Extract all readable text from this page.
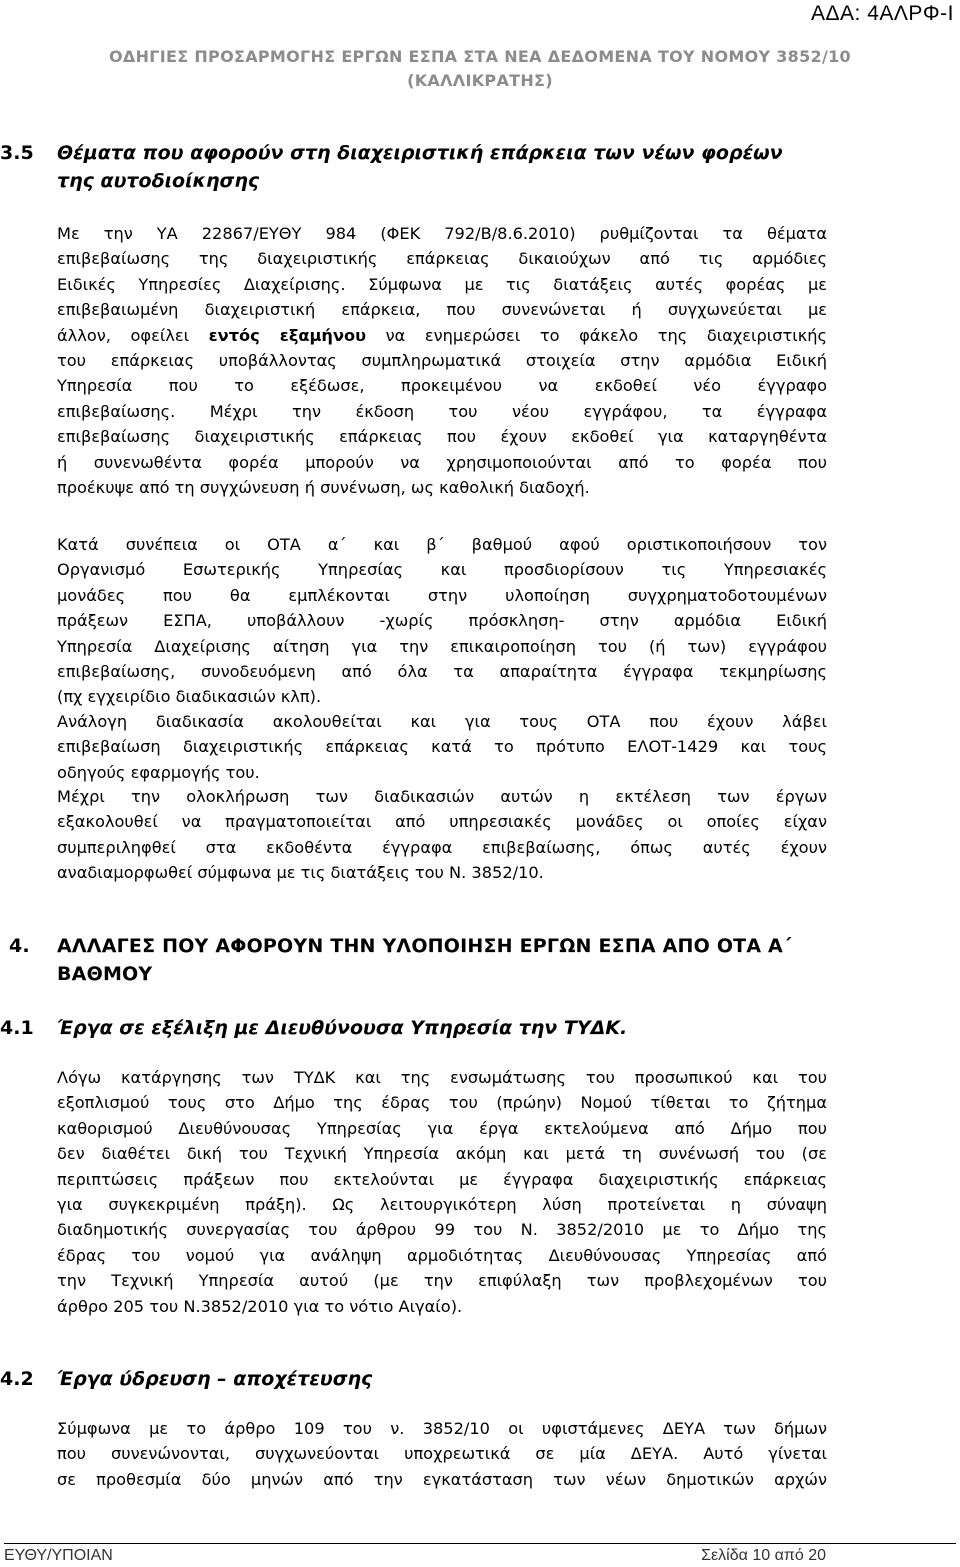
ΑΔΑ: 4ΑΛΡΦ-Ι
ΟΔΗΓΙΕΣ ΠΡΟΣΑΡΜΟΓΗΣ ΕΡΓΩΝ ΕΣΠΑ ΣΤΑ ΝΕΑ ΔΕΔΟΜΕΝΑ ΤΟΥ ΝΟΜΟΥ 3852/10
(ΚΑΛΛΙΚΡΑΤΗΣ)
3.5 Θέματα που αφορούν στη διαχειριστική επάρκεια των νέων φορέων
της αυτοδιοίκησης
Με την ΥΑ 22867/ΕΥΘΥ 984 (ΦΕΚ 792/Β/8.6.2010) ρυθμίζονται τα θέματα
επιβεβαίωσης της διαχειριστικής επάρκειας δικαιούχων από τις αρμόδιες
Ειδικές Υπηρεσίες Διαχείρισης. Σύμφωνα με τις διατάξεις αυτές φορέας με
επιβεβαιωμένη διαχειριστική επάρκεια, που συνενώνεται ή συγχωνεύεται με
άλλον, οφείλει εντός εξαμήνου να ενημερώσει το φάκελο της διαχειριστικής
του επάρκειας υποβάλλοντας συμπληρωματικά στοιχεία στην αρμόδια Ειδική
Υπηρεσία που το εξέδωσε, προκειμένου να εκδοθεί νέο έγγραφο
επιβεβαίωσης. Μέχρι την έκδοση του νέου εγγράφου, τα έγγραφα
επιβεβαίωσης διαχειριστικής επάρκειας που έχουν εκδοθεί για καταργηθέντα
ή συνενωθέντα φορέα μπορούν να χρησιμοποιούνται από το φορέα που
προέκυψε από τη συγχώνευση ή συνένωση, ως καθολική διαδοχή.
Κατά συνέπεια οι ΟΤΑ α΄ και β΄ βαθμού αφού οριστικοποιήσουν τον
Οργανισμό Εσωτερικής Υπηρεσίας και προσδιορίσουν τις Υπηρεσιακές
μονάδες που θα εμπλέκονται στην υλοποίηση συγχρηματοδοτουμένων
πράξεων ΕΣΠΑ, υποβάλλουν -χωρίς πρόσκληση- στην αρμόδια Ειδική
Υπηρεσία Διαχείρισης αίτηση για την επικαιροποίηση του (ή των) εγγράφου
επιβεβαίωσης, συνοδευόμενη από όλα τα απαραίτητα έγγραφα τεκμηρίωσης
(πχ εγχειρίδιο διαδικασιών κλπ).
Ανάλογη διαδικασία ακολουθείται και για τους ΟΤΑ που έχουν λάβει
επιβεβαίωση διαχειριστικής επάρκειας κατά το πρότυπο ΕΛΟΤ-1429 και τους
οδηγούς εφαρμογής του.
Μέχρι την ολοκλήρωση των διαδικασιών αυτών η εκτέλεση των έργων
εξακολουθεί να πραγματοποιείται από υπηρεσιακές μονάδες οι οποίες είχαν
συμπεριληφθεί στα εκδοθέντα έγγραφα επιβεβαίωσης, όπως αυτές έχουν
αναδιαμορφωθεί σύμφωνα με τις διατάξεις του Ν. 3852/10.
4. ΑΛΛΑΓΕΣ ΠΟΥ ΑΦΟΡΟΥΝ ΤΗΝ ΥΛΟΠΟΙΗΣΗ ΕΡΓΩΝ ΕΣΠΑ ΑΠΟ ΟΤΑ Α΄
ΒΑΘΜΟΥ
4.1 Έργα σε εξέλιξη με Διευθύνουσα Υπηρεσία την ΤΥΔΚ.
Λόγω κατάργησης των ΤΥΔΚ και της ενσωμάτωσης του προσωπικού και του
εξοπλισμού τους στο Δήμο της έδρας του (πρώην) Νομού τίθεται το ζήτημα
καθορισμού Διευθύνουσας Υπηρεσίας για έργα εκτελούμενα από Δήμο που
δεν διαθέτει δική του Τεχνική Υπηρεσία ακόμη και μετά τη συνένωσή του (σε
περιπτώσεις πράξεων που εκτελούνται με έγγραφα διαχειριστικής επάρκειας
για συγκεκριμένη πράξη). Ως λειτουργικότερη λύση προτείνεται η σύναψη
διαδημοτικής συνεργασίας του άρθρου 99 του Ν. 3852/2010 με το Δήμο της
έδρας του νομού για ανάληψη αρμοδιότητας Διευθύνουσας Υπηρεσίας από
την Τεχνική Υπηρεσία αυτού (με την επιφύλαξη των προβλεχομένων του
άρθρο 205 του Ν.3852/2010 για το νότιο Αιγαίο).
4.2 Έργα ύδρευση – αποχέτευσης
Σύμφωνα με το άρθρο 109 του ν. 3852/10 οι υφιστάμενες ΔΕΥΑ των δήμων
που συνενώνονται, συγχωνεύονται υποχρεωτικά σε μία ΔΕΥΑ. Αυτό γίνεται
σε προθεσμία δύο μηνών από την εγκατάσταση των νέων δημοτικών αρχών
ΕΥΘΥ/ΥΠΟΙΑΝ	Σελίδα 10 από 20
